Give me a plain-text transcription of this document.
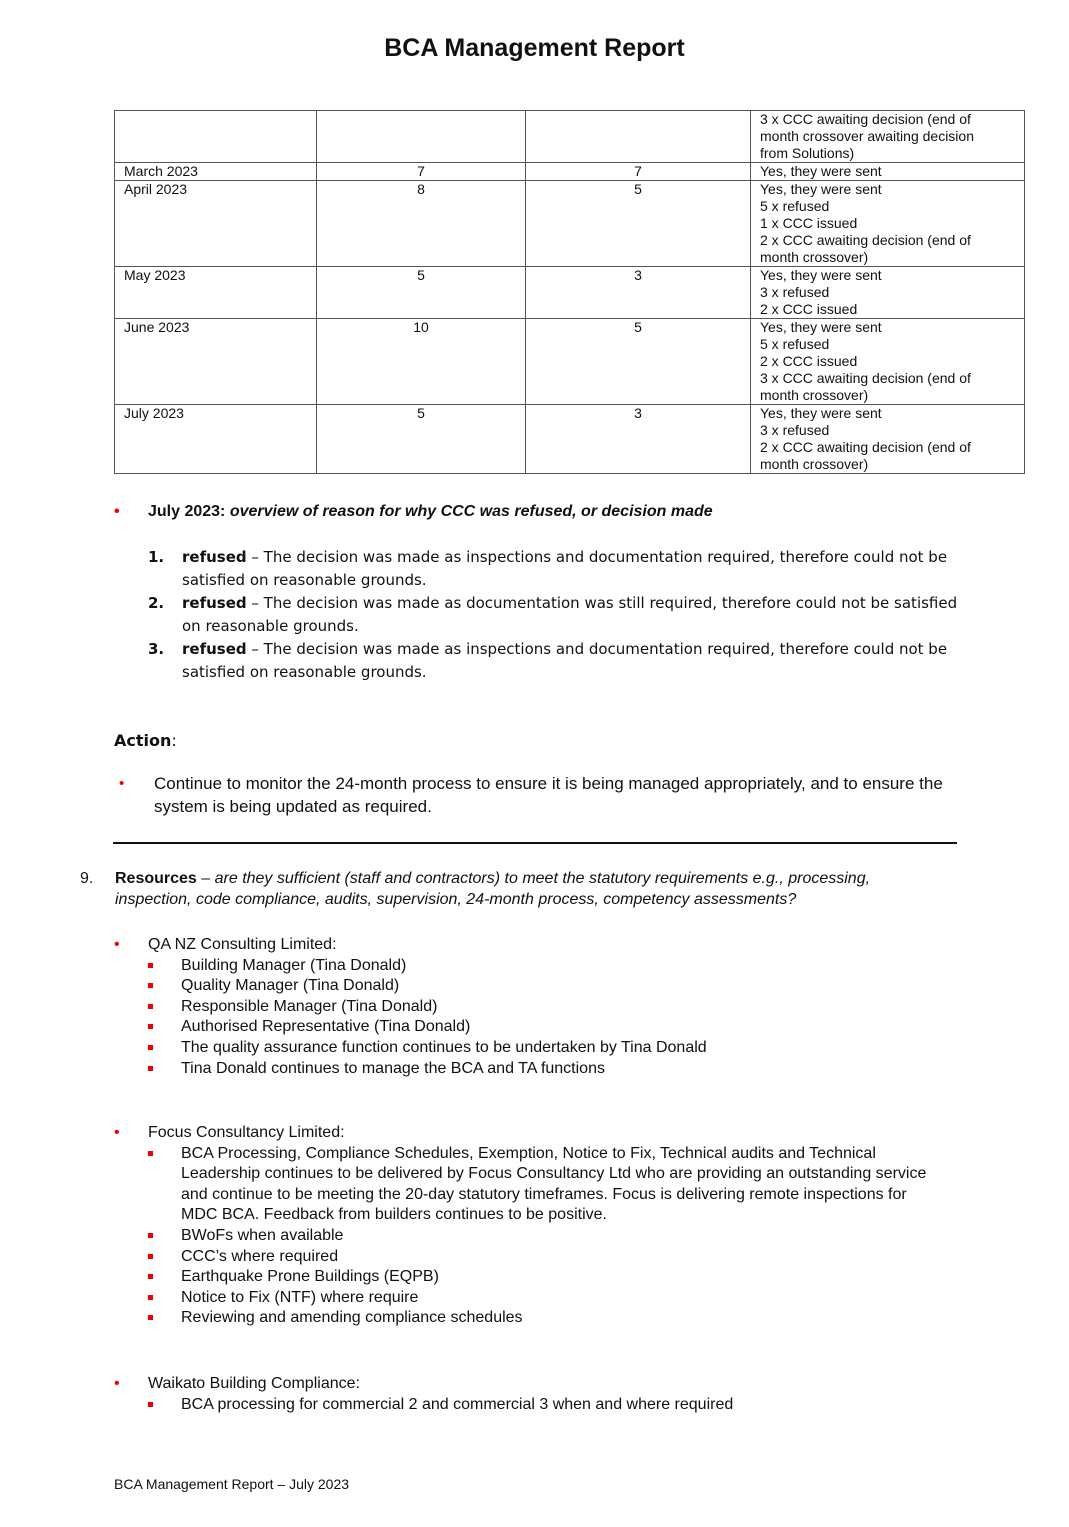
BCA Management Report

			3 x CCC awaiting decision (end of
month crossover awaiting decision
from Solutions)

March 2023	7	7	Yes, they were sent

April 2023	8	5	Yes, they were sent
5 x refused
1 x CCC issued
2 x CCC awaiting decision (end of
month crossover)

May 2023	5	3	Yes, they were sent
3 x refused
2 x CCC issued

June 2023	10	5	Yes, they were sent
5 x refused
2 x CCC issued
3 x CCC awaiting decision (end of
month crossover)

July 2023	5	3	Yes, they were sent
3 x refused
2 x CCC awaiting decision (end of
month crossover)
• July 2023: overview of reason for why CCC was refused, or decision made
1. refused – The decision was made as inspections and documentation required, therefore could not be satisfied on reasonable grounds.
2. refused – The decision was made as documentation was still required, therefore could not be satisfied on reasonable grounds.
3. refused – The decision was made as inspections and documentation required, therefore could not be satisfied on reasonable grounds.
Action:
• Continue to monitor the 24-month process to ensure it is being managed appropriately, and to ensure the system is being updated as required.
9. Resources – are they sufficient (staff and contractors) to meet the statutory requirements e.g., processing, inspection, code compliance, audits, supervision, 24-month process, competency assessments?
• QA NZ Consulting Limited:
Building Manager (Tina Donald)
Quality Manager (Tina Donald)
Responsible Manager (Tina Donald)
Authorised Representative (Tina Donald)
The quality assurance function continues to be undertaken by Tina Donald
Tina Donald continues to manage the BCA and TA functions
• Focus Consultancy Limited:
BCA Processing, Compliance Schedules, Exemption, Notice to Fix, Technical audits and Technical Leadership continues to be delivered by Focus Consultancy Ltd who are providing an outstanding service and continue to be meeting the 20-day statutory timeframes. Focus is delivering remote inspections for MDC BCA. Feedback from builders continues to be positive.
BWoFs when available
CCC’s where required
Earthquake Prone Buildings (EQPB)
Notice to Fix (NTF) where require
Reviewing and amending compliance schedules
• Waikato Building Compliance:
BCA processing for commercial 2 and commercial 3 when and where required
BCA Management Report – July 2023
